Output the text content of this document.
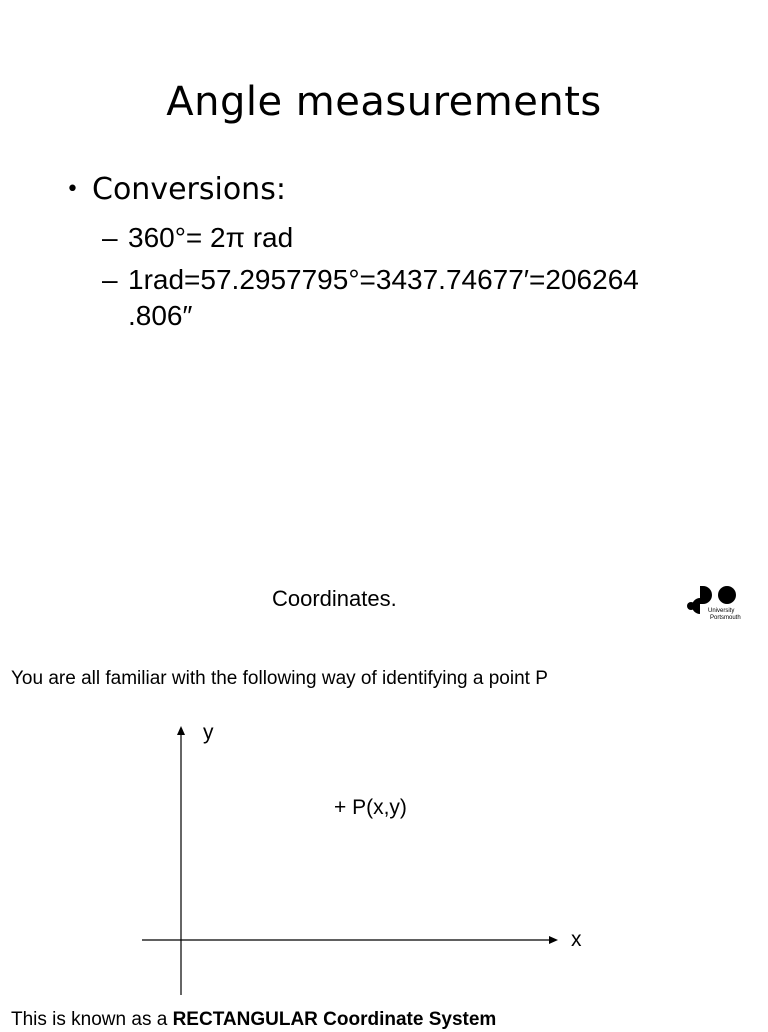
Angle measurements
• Conversions:
– 360°= 2π rad
– 1rad=57.2957795°=3437.74677′=206264
.806″
Coordinates.	University
Portsmouth
You are all familiar with the following way of identifying a point P
y
x
+ P(x,y)
This is known as a RECTANGULAR Coordinate System
